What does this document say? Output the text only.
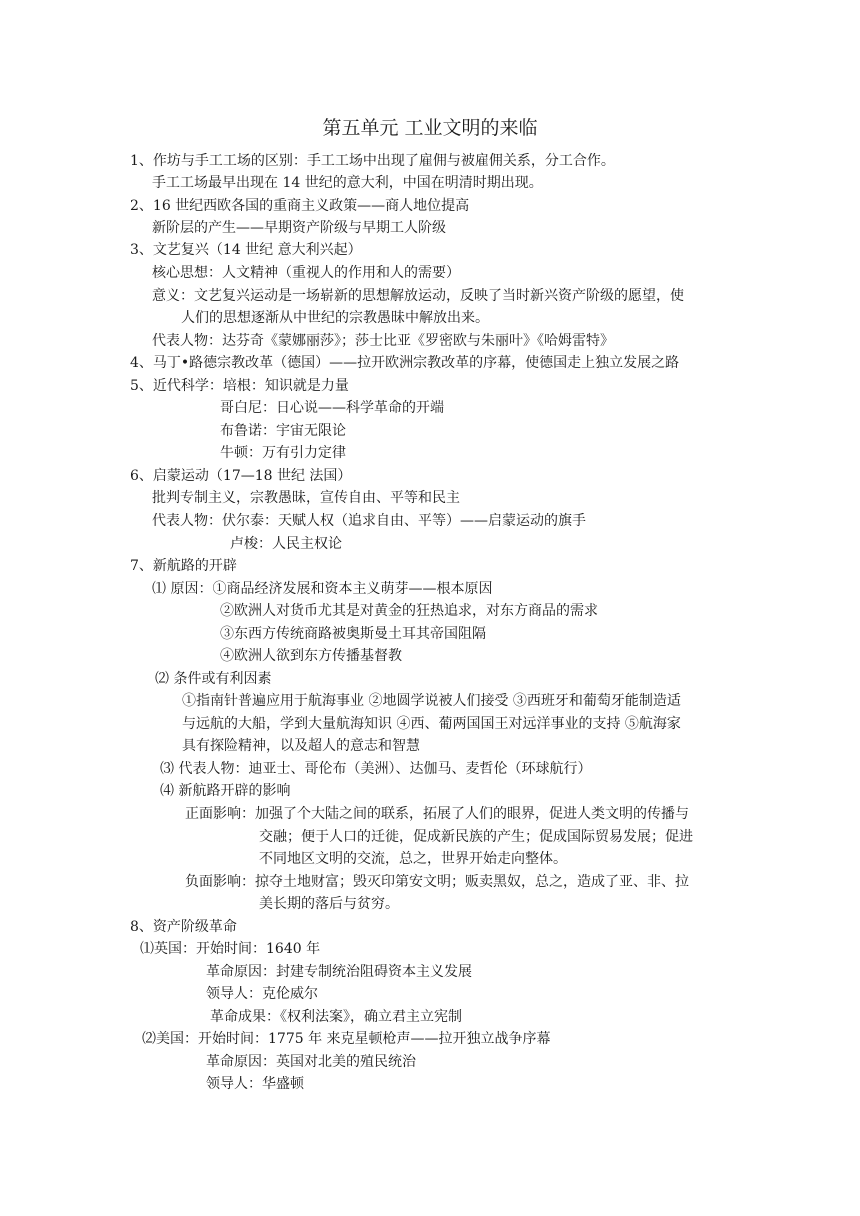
第五单元 工业文明的来临
1、作坊与手工工场的区别：手工工场中出现了雇佣与被雇佣关系，分工合作。
手工工场最早出现在 14 世纪的意大利，中国在明清时期出现。
2、16 世纪西欧各国的重商主义政策——商人地位提高
新阶层的产生——早期资产阶级与早期工人阶级
3、文艺复兴（14 世纪 意大利兴起）
核心思想：人文精神（重视人的作用和人的需要）
意义：文艺复兴运动是一场崭新的思想解放运动，反映了当时新兴资产阶级的愿望，使
人们的思想逐渐从中世纪的宗教愚昧中解放出来。
代表人物：达芬奇《蒙娜丽莎》；莎士比亚《罗密欧与朱丽叶》《哈姆雷特》
4、马丁•路德宗教改革（德国）——拉开欧洲宗教改革的序幕，使德国走上独立发展之路
5、近代科学：培根：知识就是力量
哥白尼：日心说——科学革命的开端
布鲁诺：宇宙无限论
牛顿：万有引力定律
6、启蒙运动（17—18 世纪 法国）
批判专制主义，宗教愚昧，宣传自由、平等和民主
代表人物：伏尔泰：天赋人权（追求自由、平等）——启蒙运动的旗手
卢梭：人民主权论
7、新航路的开辟
⑴ 原因：①商品经济发展和资本主义萌芽——根本原因
②欧洲人对货币尤其是对黄金的狂热追求，对东方商品的需求
③东西方传统商路被奥斯曼土耳其帝国阻隔
④欧洲人欲到东方传播基督教
⑵ 条件或有利因素
①指南针普遍应用于航海事业 ②地圆学说被人们接受 ③西班牙和葡萄牙能制造适
与远航的大船，学到大量航海知识 ④西、葡两国国王对远洋事业的支持 ⑤航海家
具有探险精神，以及超人的意志和智慧
⑶ 代表人物：迪亚士、哥伦布（美洲）、达伽马、麦哲伦（环球航行）
⑷ 新航路开辟的影响
正面影响：加强了个大陆之间的联系，拓展了人们的眼界，促进人类文明的传播与
交融；便于人口的迁徙，促成新民族的产生；促成国际贸易发展；促进
不同地区文明的交流，总之，世界开始走向整体。
负面影响：掠夺土地财富；毁灭印第安文明；贩卖黑奴，总之，造成了亚、非、拉
美长期的落后与贫穷。
8、资产阶级革命
⑴英国：开始时间：1640 年
革命原因：封建专制统治阻碍资本主义发展
领导人：克伦威尔
革命成果：《权利法案》，确立君主立宪制
⑵美国：开始时间：1775 年 来克星顿枪声——拉开独立战争序幕
革命原因：英国对北美的殖民统治
领导人：华盛顿
